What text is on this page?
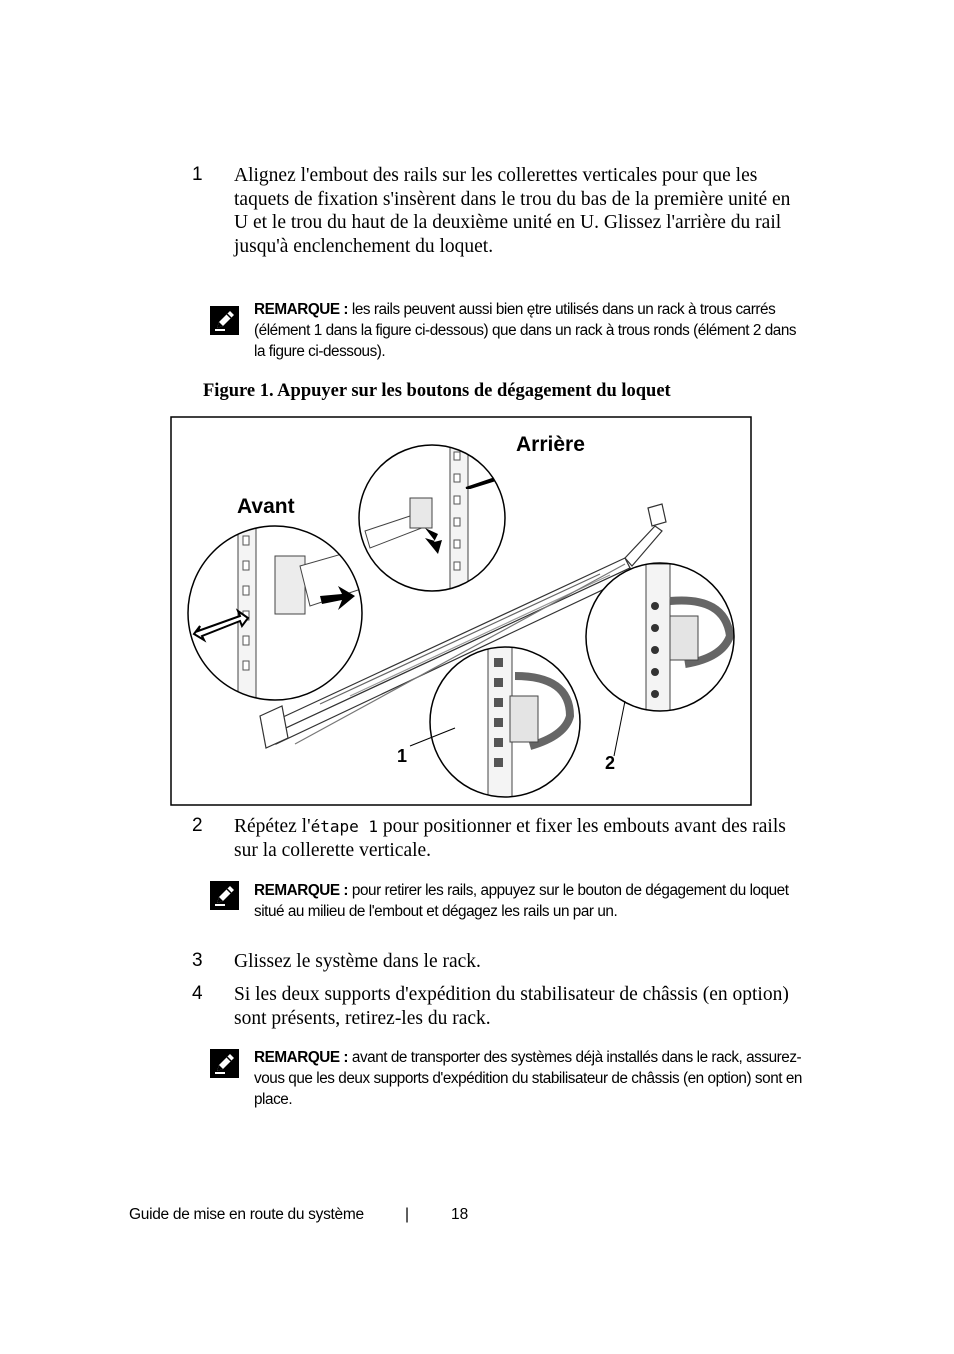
1 Alignez l'embout des rails sur les collerettes verticales pour que les taquets de fixation s'insèrent dans le trou du bas de la première unité en U et le trou du haut de la deuxième unité en U. Glissez l'arrière du rail jusqu'à enclenchement du loquet.
REMARQUE : les rails peuvent aussi bien ętre utilisés dans un rack à trous carrés (élément 1 dans la figure ci-dessous) que dans un rack à trous ronds (élément 2 dans la figure ci-dessous).
Figure 1. Appuyer sur les boutons de dégagement du loquet
Arrière
Avant
1	2
2 Répétez l'étape 1 pour positionner et fixer les embouts avant des rails sur la collerette verticale.
REMARQUE : pour retirer les rails, appuyez sur le bouton de dégagement du loquet situé au milieu de l'embout et dégagez les rails un par un.
3 Glissez le système dans le rack.
4 Si les deux supports d'expédition du stabilisateur de châssis (en option) sont présents, retirez-les du rack.
REMARQUE : avant de transporter des systèmes déjà installés dans le rack, assurez-vous que les deux supports d'expédition du stabilisateur de châssis (en option) sont en place.
Guide de mise en route du système	|	18
